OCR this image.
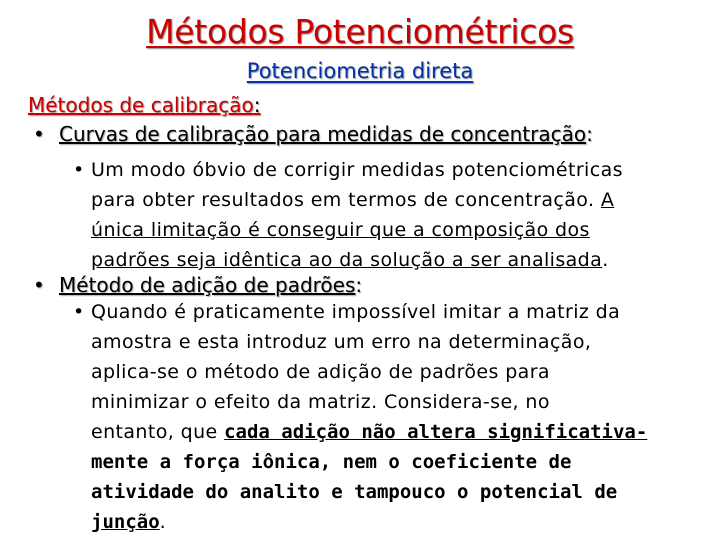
Métodos Potenciométricos
Potenciometria direta
Métodos de calibração:
• Curvas de calibração para medidas de concentração:
• Um modo óbvio de corrigir medidas potenciométricas
para obter resultados em termos de concentração. A
única limitação é conseguir que a composição dos
padrões seja idêntica ao da solução a ser analisada.
• Método de adição de padrões:
• Quando é praticamente impossível imitar a matriz da
amostra e esta introduz um erro na determinação,
aplica-se o método de adição de padrões para
minimizar o efeito da matriz. Considera-se, no
entanto, que cada adição não altera significativa-
mente a força iônica, nem o coeficiente de
atividade do analito e tampouco o potencial de
junção.
